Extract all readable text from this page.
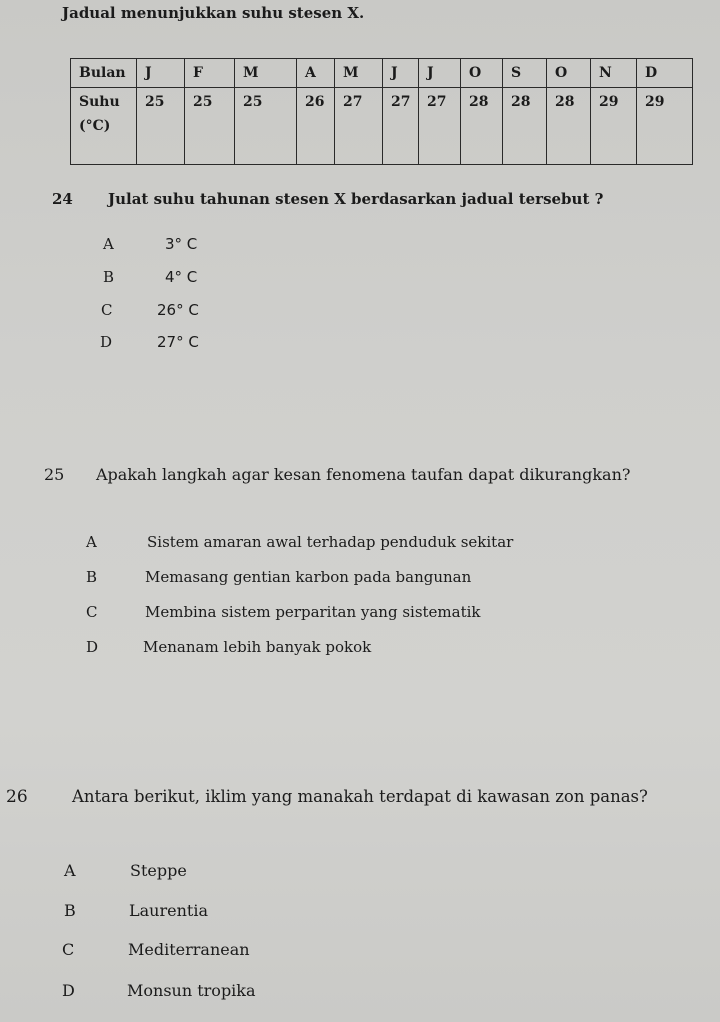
Jadual menunjukkan suhu stesen X.
Bulan	J	F	M	A	M	J	J	O	S	O	N	D
Suhu
(°C)	25	25	25	26	27	27	27	28	28	28	29	29
24 Julat suhu tahunan stesen X berdasarkan jadual tersebut ?
A	3° C
B	4° C
C	26° C
D	27° C
25 Apakah langkah agar kesan fenomena taufan dapat dikurangkan?
A	Sistem amaran awal terhadap penduduk sekitar
B	Memasang gentian karbon pada bangunan
C	Membina sistem perparitan yang sistematik
D	Menanam lebih banyak pokok
26	Antara berikut, iklim yang manakah terdapat di kawasan zon panas?
A	Steppe
B	Laurentia
C	Mediterranean
D	Monsun tropika
